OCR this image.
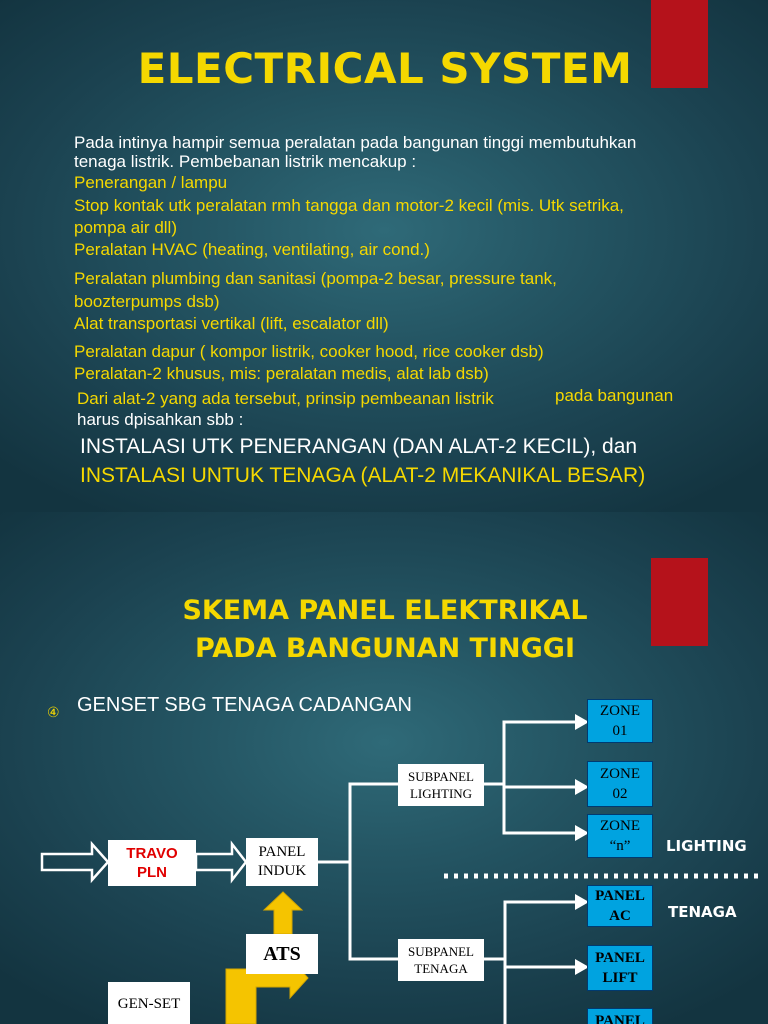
ELECTRICAL SYSTEM

Pada intinya hampir semua peralatan pada bangunan tinggi membutuhkan

tenaga listrik. Pembebanan listrik mencakup :

Penerangan / lampu

Stop kontak utk peralatan rmh tangga dan motor-2 kecil (mis. Utk setrika,

pompa air dll)

Peralatan HVAC (heating, ventilating, air cond.)

Peralatan plumbing dan sanitasi (pompa-2 besar, pressure tank,

boozterpumps dsb)

Alat transportasi vertikal (lift, escalator dll)

Peralatan dapur ( kompor listrik, cooker hood, rice cooker dsb)

Peralatan-2 khusus, mis: peralatan medis, alat lab dsb)

Dari alat-2 yang ada tersebut, prinsip pembeanan listrik	pada bangunan

harus dpisahkan sbb :

INSTALASI UTK PENERANGAN (DAN ALAT-2 KECIL), dan

INSTALASI UNTUK TENAGA (ALAT-2 MEKANIKAL BESAR)

SKEMA PANEL ELEKTRIKAL
PADA BANGUNAN TINGGI
④ GENSET SBG TENAGA CADANGAN
TRAVO
PLN
PANEL
INDUK
ATS
GEN-SET
SUBPANEL
LIGHTING
SUBPANEL
TENAGA
ZONE
01
ZONE
02
ZONE
“n”
PANEL
AC
PANEL
LIFT
PANEL
LIGHTING
TENAGA
